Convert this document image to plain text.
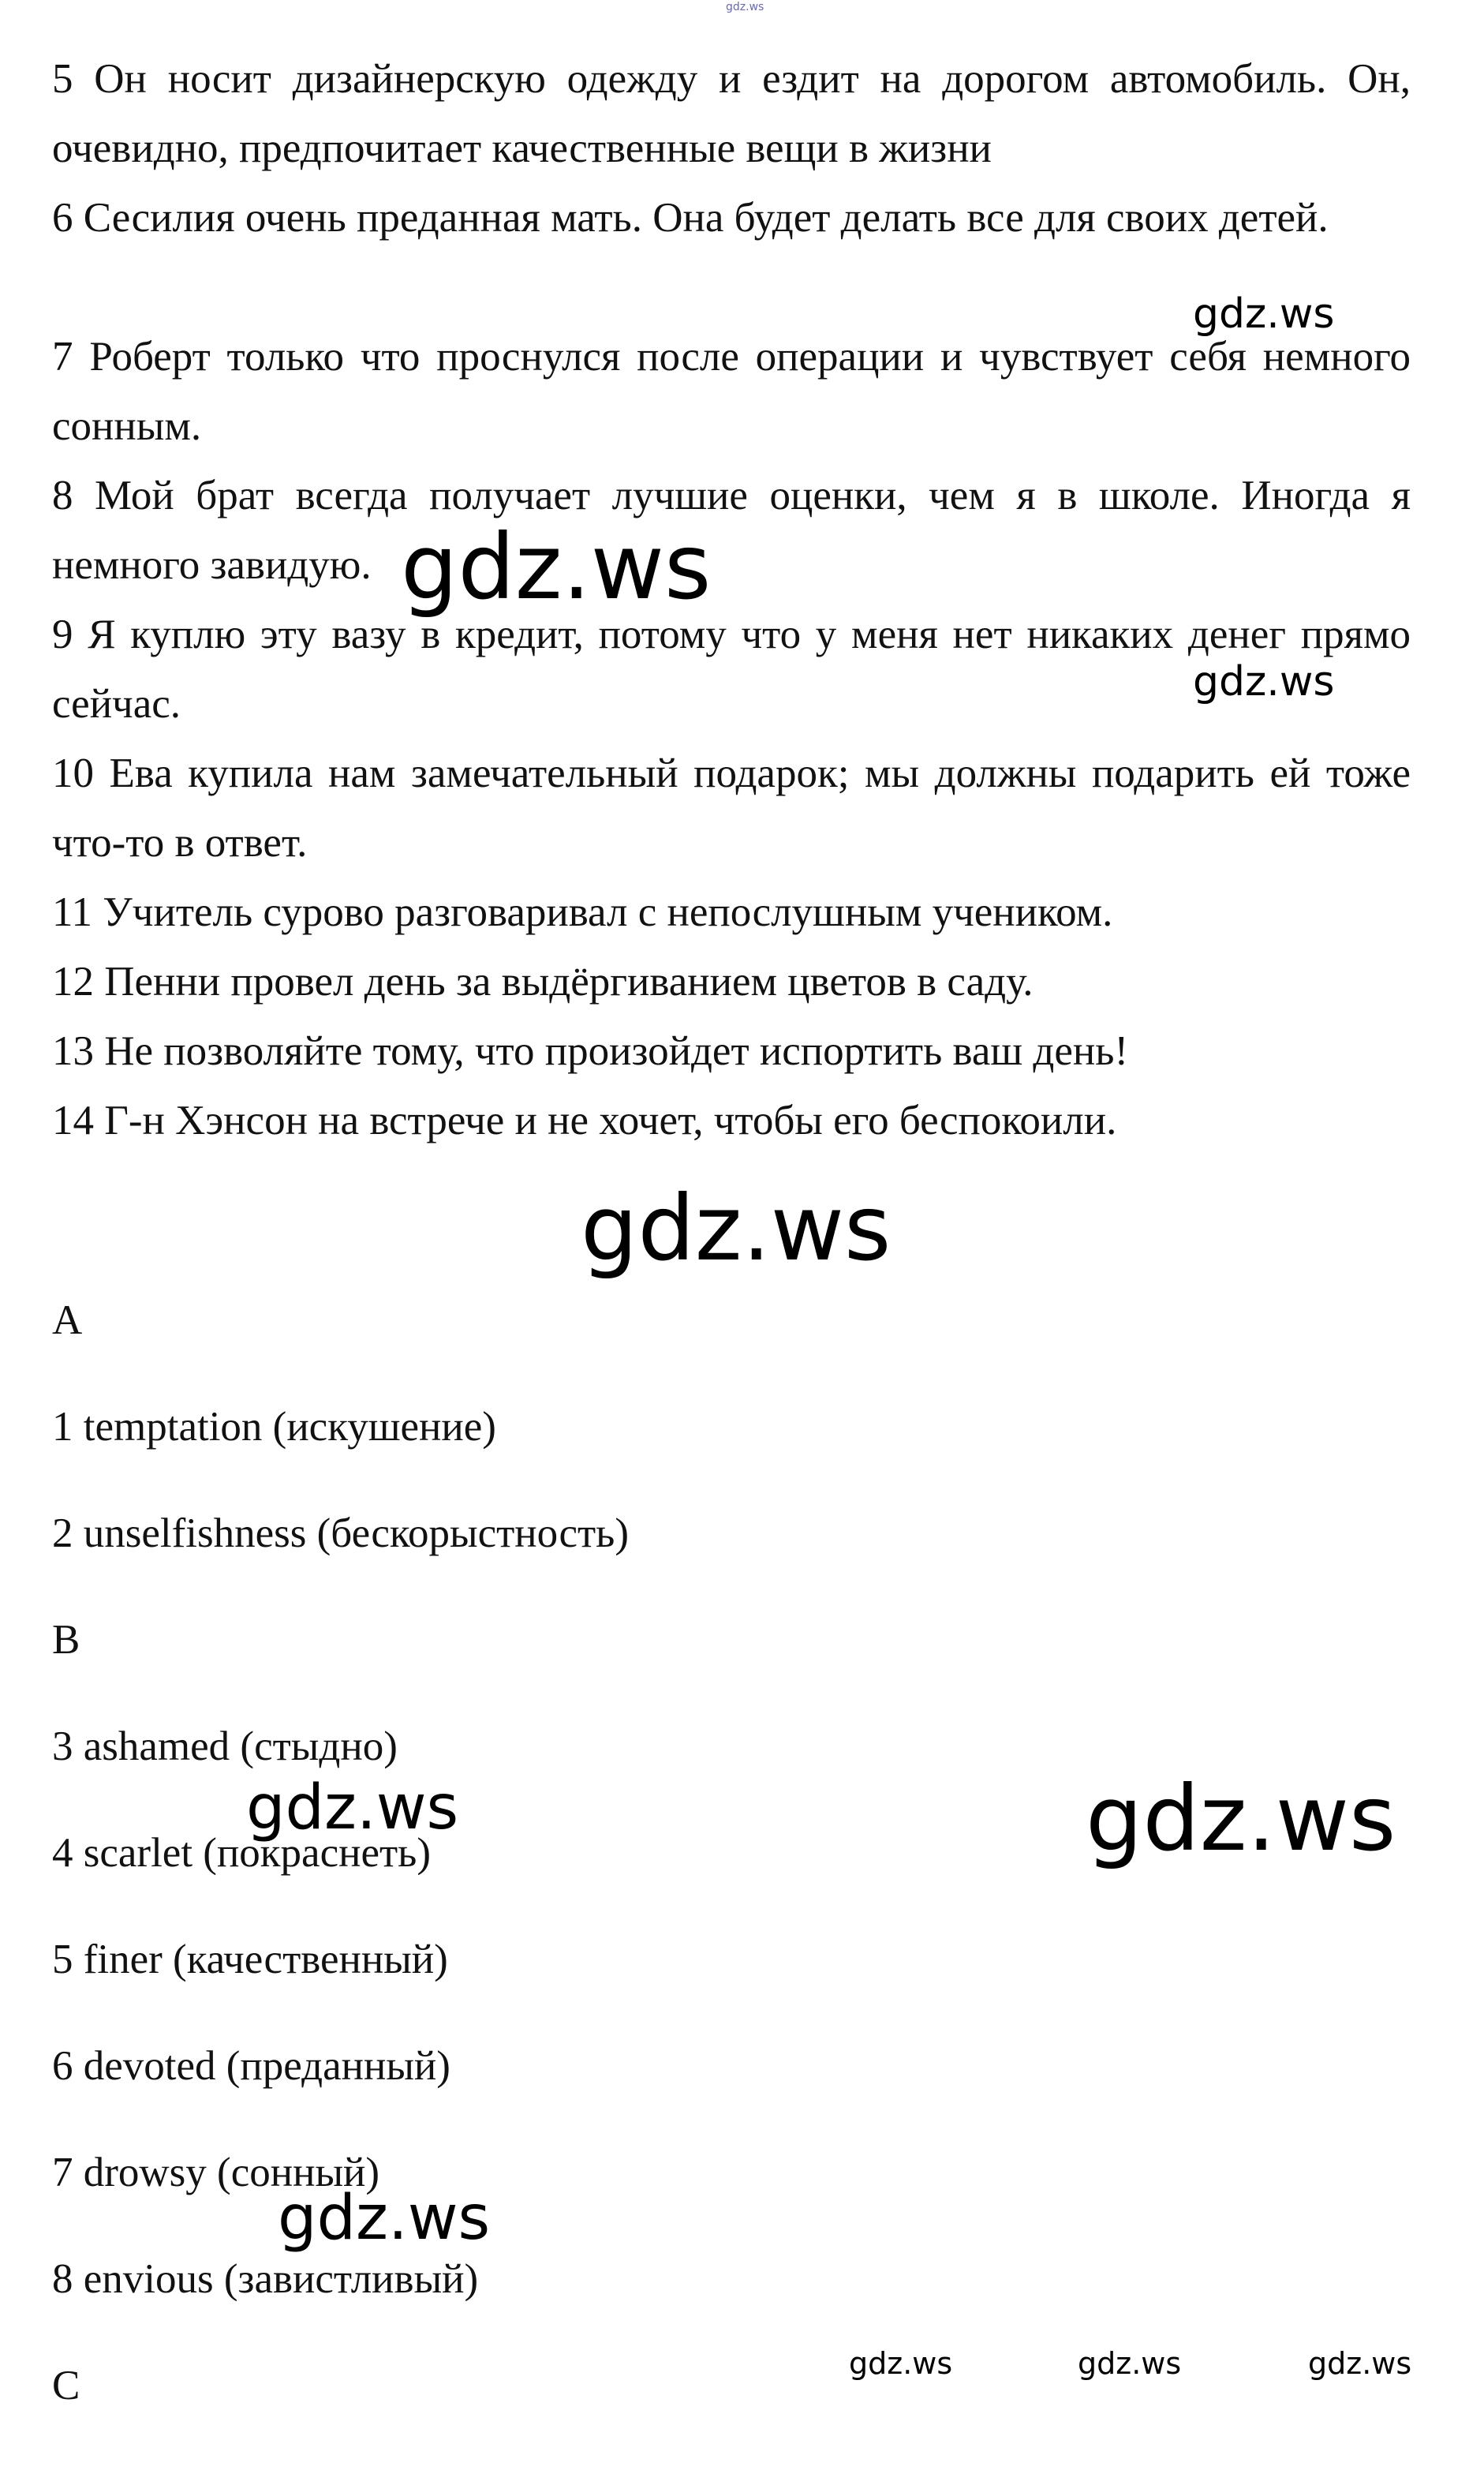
gdz.ws

5 Он носит дизайнерскую одежду и ездит на дорогом автомобиль. Он, очевидно, предпочитает качественные вещи в жизни

6 Сесилия очень преданная мать. Она будет делать все для своих детей.

7 Роберт только что проснулся после операции и чувствует себя немного сонным.

8 Мой брат всегда получает лучшие оценки, чем я в школе. Иногда я немного завидую.

9 Я куплю эту вазу в кредит, потому что у меня нет никаких денег прямо сейчас.

10 Ева купила нам замечательный подарок; мы должны подарить ей тоже что-то в ответ.

11 Учитель сурово разговаривал с непослушным учеником.

12 Пенни провел день за выдёргиванием цветов в саду.

13 Не позволяйте тому, что произойдет испортить ваш день!

14 Г-н Хэнсон на встрече и не хочет, чтобы его беспокоили.

A
1 temptation (искушение)
2 unselfishness (бескорыстность)
B
3 ashamed (стыдно)
4 scarlet (покраснеть)
5 finer (качественный)
6 devoted (преданный)
7 drowsy (сонный)
8 envious (завистливый)
C
gdz.ws
gdz.ws
gdz.ws
gdz.ws
gdz.ws	gdz.ws
gdz.ws
gdz.ws	gdz.ws	gdz.ws
